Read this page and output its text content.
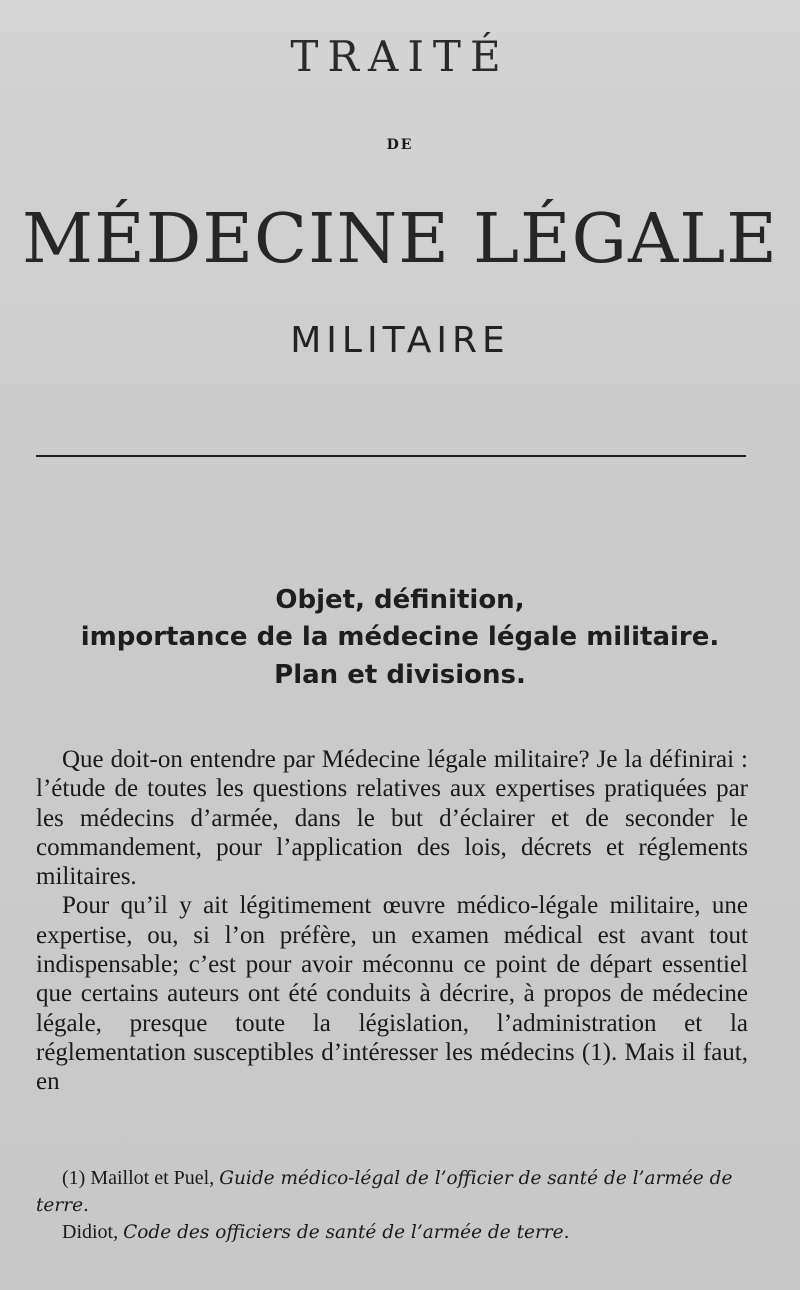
TRAITÉ
DE
MÉDECINE LÉGALE
MILITAIRE
Objet, définition,
importance de la médecine légale militaire.
Plan et divisions.

Que doit-on entendre par Médecine légale militaire? Je la définirai : l’étude de toutes les questions relatives aux expertises pratiquées par les médecins d’armée, dans le but d’éclairer et de seconder le commandement, pour l’application des lois, décrets et réglements militaires.

Pour qu’il y ait légitimement œuvre médico-légale militaire, une expertise, ou, si l’on préfère, un examen médical est avant tout indispensable; c’est pour avoir méconnu ce point de départ essentiel que certains auteurs ont été conduits à décrire, à propos de médecine légale, presque toute la législation, l’administration et la réglementation susceptibles d’intéresser les médecins (1). Mais il faut, en

(1) Maillot et Puel, Guide médico-légal de l’officier de santé de l’armée de terre.

Didiot, Code des officiers de santé de l’armée de terre.
